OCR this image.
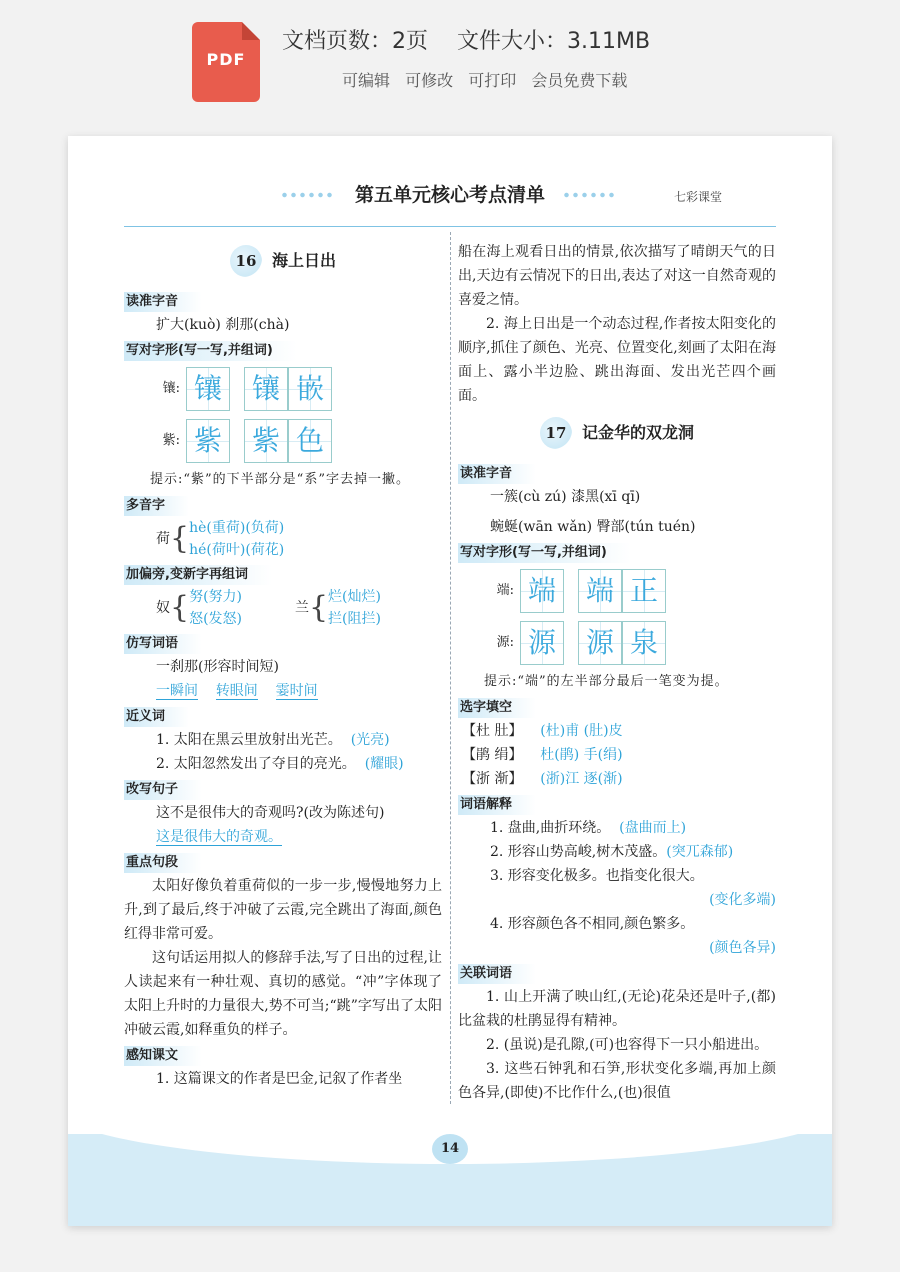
PDF
文档页数：2页 文件大小：3.11MB
可编辑 可修改 可打印 会员免费下载
第五单元核心考点清单	七彩课堂
16 海上日出
读准字音
扩大(kuò) 刹那(chà)
写对字形(写一写,并组词)
镶: 镶 镶 嵌
紫: 紫 紫 色
提示:“紫”的下半部分是“系”字去掉一撇。
多音字
荷{ hè(重荷)(负荷)
hé(荷叶)(荷花)
加偏旁,变新字再组词
奴{ 努(努力)
怒(发怒)
兰{ 烂(灿烂)
拦(阻拦)
仿写词语
一刹那(形容时间短)
一瞬间 转眼间 霎时间
近义词
1. 太阳在黑云里放射出光芒。 (光亮)
2. 太阳忽然发出了夺目的亮光。 (耀眼)
改写句子
这不是很伟大的奇观吗?(改为陈述句)
这是很伟大的奇观。
重点句段
太阳好像负着重荷似的一步一步,慢慢地努力上升,到了最后,终于冲破了云霞,完全跳出了海面,颜色红得非常可爱。
这句话运用拟人的修辞手法,写了日出的过程,让人读起来有一种壮观、真切的感觉。“冲”字体现了太阳上升时的力量很大,势不可当;“跳”字写出了太阳冲破云霞,如释重负的样子。
感知课文
1. 这篇课文的作者是巴金,记叙了作者坐
船在海上观看日出的情景,依次描写了晴朗天气的日出,天边有云情况下的日出,表达了对这一自然奇观的喜爱之情。
2. 海上日出是一个动态过程,作者按太阳变化的顺序,抓住了颜色、光亮、位置变化,刻画了太阳在海面上、露小半边脸、跳出海面、发出光芒四个画面。
17 记金华的双龙洞
读准字音
一簇(cù zú) 漆黑(xī qī)
蜿蜒(wān wǎn) 臀部(tún tuén)
写对字形(写一写,并组词)
端: 端 端 正
源: 源 源 泉
提示:“端”的左半部分最后一笔变为提。
选字填空
【杜 肚】 (杜)甫 (肚)皮
【鹃 绢】 杜(鹃) 手(绢)
【浙 渐】 (浙)江 逐(渐)
词语解释
1. 盘曲,曲折环绕。 (盘曲而上)
2. 形容山势高峻,树木茂盛。(突兀森郁)
3. 形容变化极多。也指变化很大。
(变化多端)
4. 形容颜色各不相同,颜色繁多。
(颜色各异)
关联词语
1. 山上开满了映山红,(无论)花朵还是叶子,(都)比盆栽的杜鹃显得有精神。
2. (虽说)是孔隙,(可)也容得下一只小船进出。
3. 这些石钟乳和石笋,形状变化多端,再加上颜色各异,(即使)不比作什么,(也)很值
14
